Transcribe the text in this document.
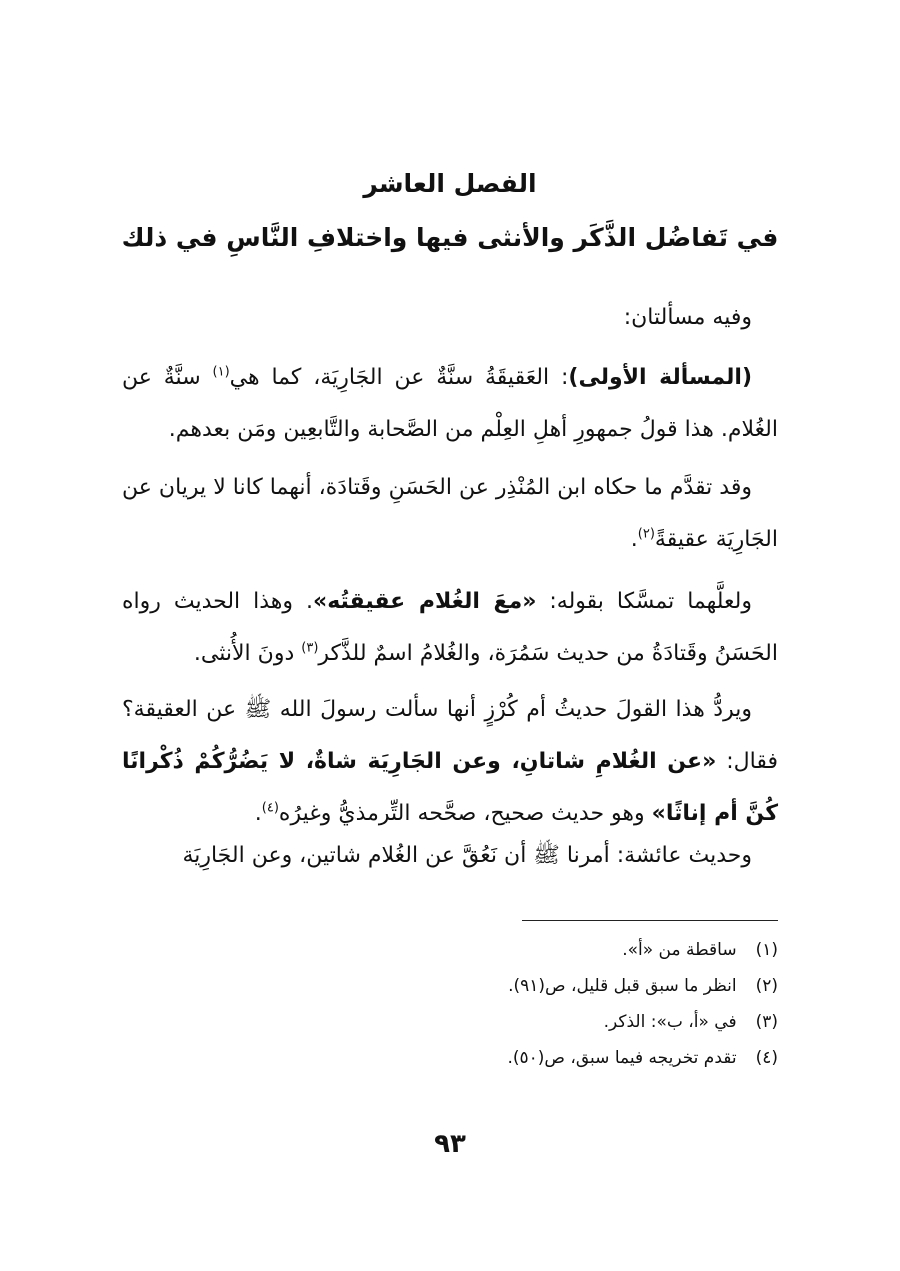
الفصل العاشر
في تَفاضُل الذَّكَر والأنثى فيها واختلافِ النَّاسِ في ذلك

وفيه مسألتان:

(المسألة الأولى): العَقيقَةُ سنَّةٌ عن الجَارِيَة، كما هي$^{(١)}$ سنَّةٌ عن الغُلام. هذا قولُ جمهورِ أهلِ العِلْم من الصَّحابة والتَّابعِين ومَن بعدهم.

وقد تقدَّم ما حكاه ابن المُنْذِر عن الحَسَنِ وقَتادَة، أنهما كانا لا يريان عن الجَارِيَة عقيقةً$^{(٢)}$.

ولعلَّهما تمسَّكا بقوله: «معَ الغُلام عقيقتُه». وهذا الحديث رواه الحَسَنُ وقَتادَةُ من حديث سَمُرَة، والغُلامُ اسمٌ للذَّكر$^{(٣)}$ دونَ الأُنثى.

ويردُّ هذا القولَ حديثُ أم كُرْزٍ أنها سألت رسولَ الله ﷺ عن العقيقة؟ فقال: «عن الغُلامِ شاتانِ، وعن الجَارِيَة شاةٌ، لا يَضُرُّكُمْ ذُكْرانًا كُنَّ أم إناثًا» وهو حديث صحيح، صحَّحه التِّرمذيُّ وغيرُه$^{(٤)}$.

وحديث عائشة: أمرنا ﷺ أن نَعُقَّ عن الغُلام شاتين، وعن الجَارِيَة

(١) ساقطة من «أ».
(٢) انظر ما سبق قبل قليل، ص(٩١).
(٣) في «أ، ب»: الذكر.
(٤) تقدم تخريجه فيما سبق، ص(٥٠).
٩٣
